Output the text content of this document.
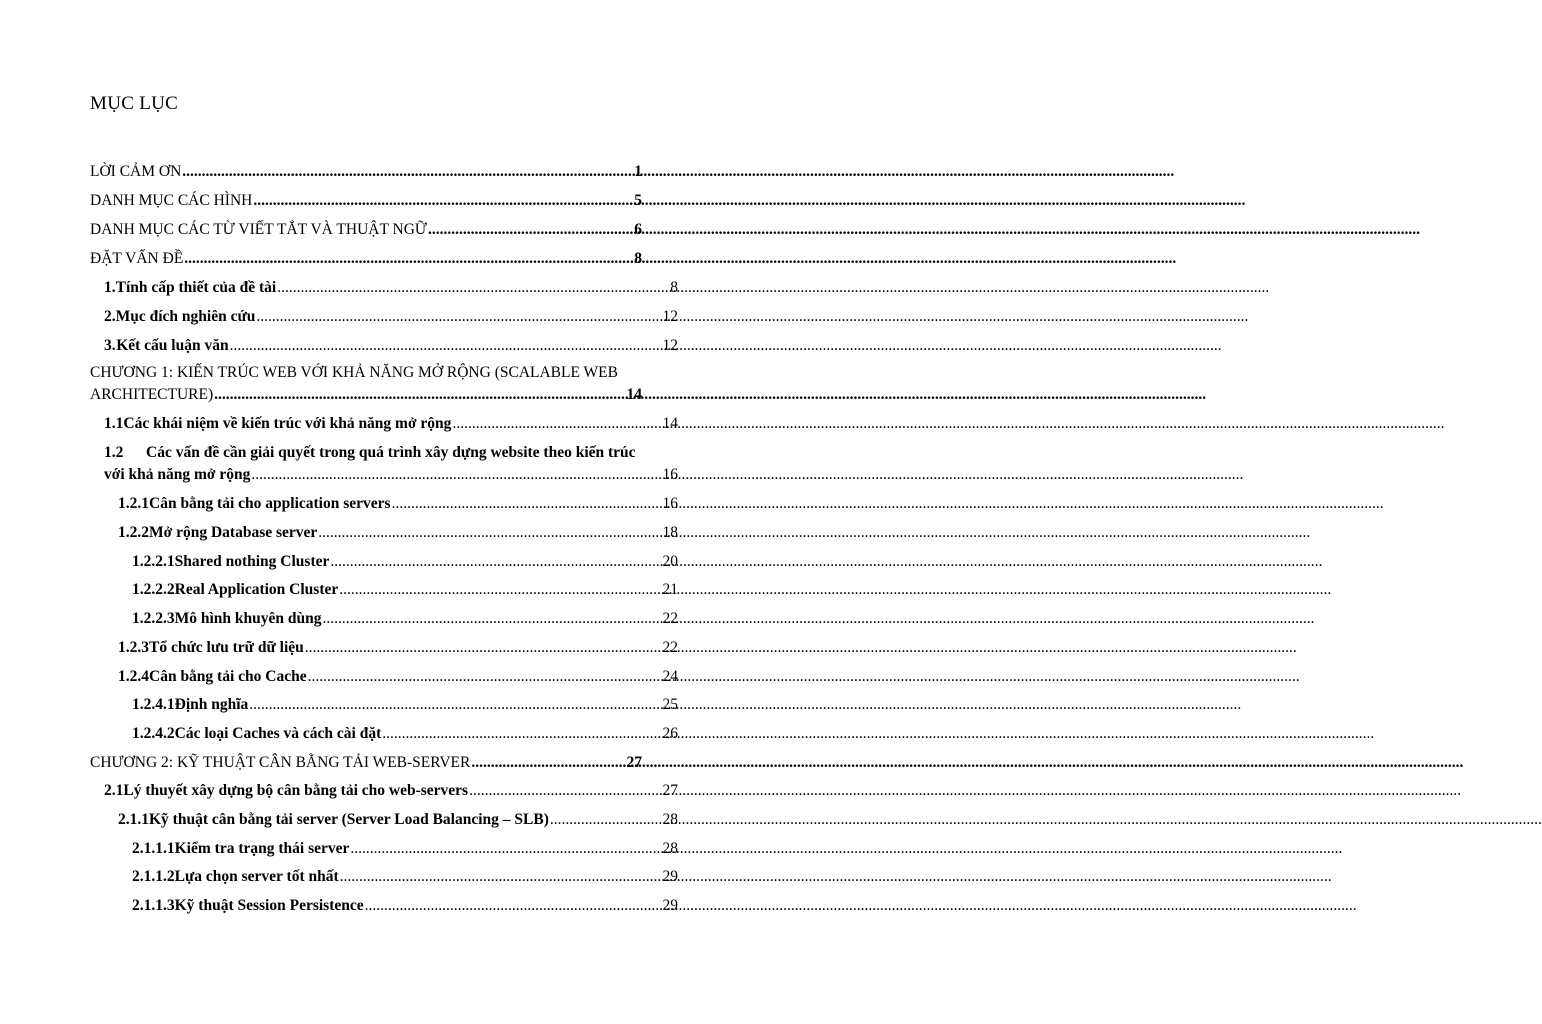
MỤC LỤC
LỜI CẢM ƠN .....	1
DANH MỤC CÁC HÌNH .....	5
DANH MỤC CÁC TỪ VIẾT TẮT VÀ THUẬT NGỮ .....	6
ĐẶT VẤN ĐỀ .....	8
1. Tính cấp thiết của đề tài .....	8
2. Mục đích nghiên cứu .....	12
3. Kết cấu luận văn .....	12
CHƯƠNG 1: KIẾN TRÚC WEB VỚI KHẢ NĂNG MỞ RỘNG (SCALABLE WEB
ARCHITECTURE) .....	14
1.1 Các khái niệm về kiến trúc với khả năng mở rộng .....	14
1.2 Các vấn đề cần giải quyết trong quá trình xây dựng website theo kiến trúc
với khả năng mở rộng .....	16
1.2.1 Cân bằng tải cho application servers .....	16
1.2.2 Mở rộng Database server .....	18
1.2.2.1 Shared nothing Cluster .....	20
1.2.2.2 Real Application Cluster .....	21
1.2.2.3 Mô hình khuyên dùng .....	22
1.2.3 Tổ chức lưu trữ dữ liệu .....	22
1.2.4 Cân bằng tải cho Cache .....	24
1.2.4.1 Định nghĩa .....	25
1.2.4.2 Các loại Caches và cách cài đặt .....	26
CHƯƠNG 2: KỸ THUẬT CÂN BẰNG TẢI WEB-SERVER .....	27
2.1 Lý thuyết xây dựng bộ cân bằng tải cho web-servers .....	27
2.1.1 Kỹ thuật cân bằng tải server (Server Load Balancing – SLB) .....	28
2.1.1.1 Kiểm tra trạng thái server .....	28
2.1.1.2 Lựa chọn server tốt nhất .....	29
2.1.1.3 Kỹ thuật Session Persistence .....	29
